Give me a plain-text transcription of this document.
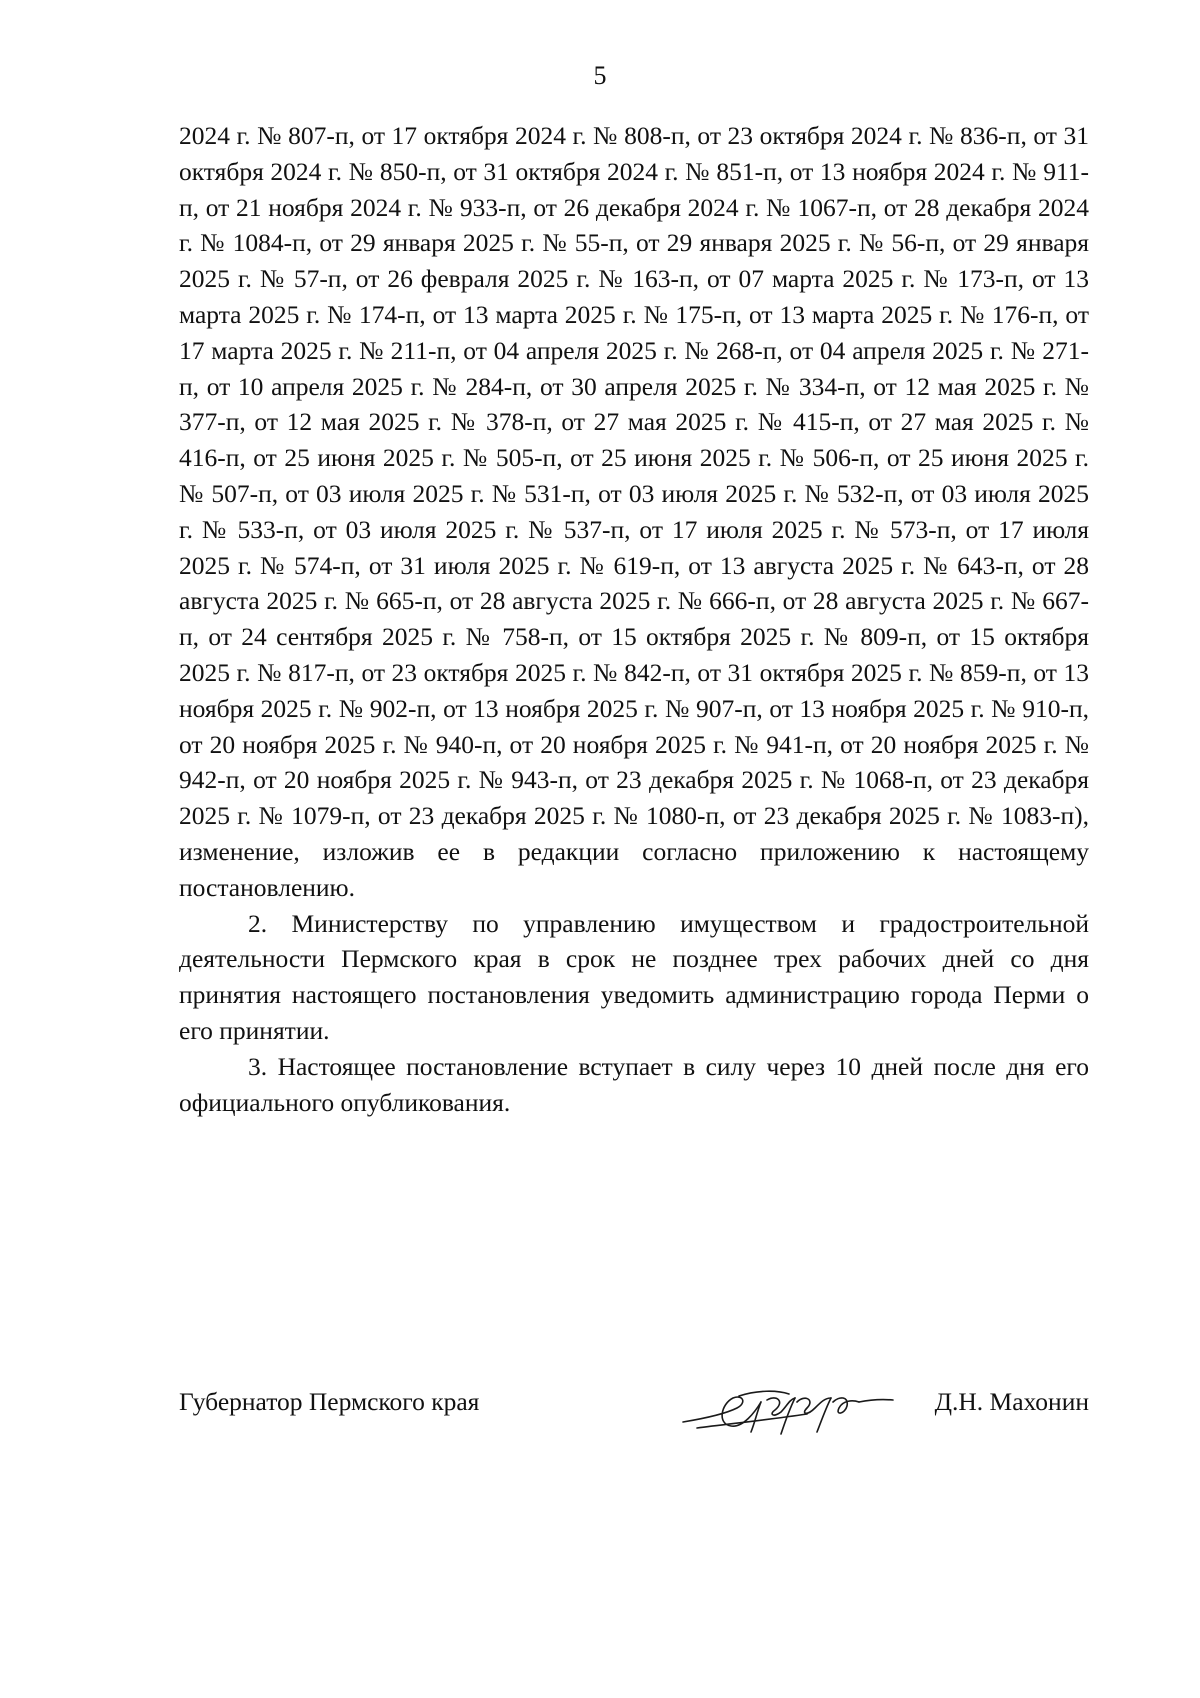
5

2024 г. № 807-п, от 17 октября 2024 г. № 808-п, от 23 октября 2024 г. № 836-п, от 31 октября 2024 г. № 850-п, от 31 октября 2024 г. № 851-п, от 13 ноября 2024 г. № 911-п, от 21 ноября 2024 г. № 933-п, от 26 декабря 2024 г. № 1067-п, от 28 декабря 2024 г. № 1084-п, от 29 января 2025 г. № 55-п, от 29 января 2025 г. № 56-п, от 29 января 2025 г. № 57-п, от 26 февраля 2025 г. № 163-п, от 07 марта 2025 г. № 173-п, от 13 марта 2025 г. № 174-п, от 13 марта 2025 г. № 175-п, от 13 марта 2025 г. № 176-п, от 17 марта 2025 г. № 211-п, от 04 апреля 2025 г. № 268-п, от 04 апреля 2025 г. № 271-п, от 10 апреля 2025 г. № 284-п, от 30 апреля 2025 г. № 334-п, от 12 мая 2025 г. № 377-п, от 12 мая 2025 г. № 378-п, от 27 мая 2025 г. № 415-п, от 27 мая 2025 г. № 416-п, от 25 июня 2025 г. № 505-п, от 25 июня 2025 г. № 506-п, от 25 июня 2025 г. № 507-п, от 03 июля 2025 г. № 531-п, от 03 июля 2025 г. № 532-п, от 03 июля 2025 г. № 533-п, от 03 июля 2025 г. № 537-п, от 17 июля 2025 г. № 573-п, от 17 июля 2025 г. № 574-п, от 31 июля 2025 г. № 619-п, от 13 августа 2025 г. № 643-п, от 28 августа 2025 г. № 665-п, от 28 августа 2025 г. № 666-п, от 28 августа 2025 г. № 667-п, от 24 сентября 2025 г. № 758-п, от 15 октября 2025 г. № 809-п, от 15 октября 2025 г. № 817-п, от 23 октября 2025 г. № 842-п, от 31 октября 2025 г. № 859-п, от 13 ноября 2025 г. № 902-п, от 13 ноября 2025 г. № 907-п, от 13 ноября 2025 г. № 910-п, от 20 ноября 2025 г. № 940-п, от 20 ноября 2025 г. № 941-п, от 20 ноября 2025 г. № 942-п, от 20 ноября 2025 г. № 943-п, от 23 декабря 2025 г. № 1068-п, от 23 декабря 2025 г. № 1079-п, от 23 декабря 2025 г. № 1080-п, от 23 декабря 2025 г. № 1083-п), изменение, изложив ее в редакции согласно приложению к настоящему постановлению.

2. Министерству по управлению имуществом и градостроительной деятельности Пермского края в срок не позднее трех рабочих дней со дня принятия настоящего постановления уведомить администрацию города Перми о его принятии.

3. Настоящее постановление вступает в силу через 10 дней после дня его официального опубликования.

Губернатор Пермского края	Д.Н. Махонин
